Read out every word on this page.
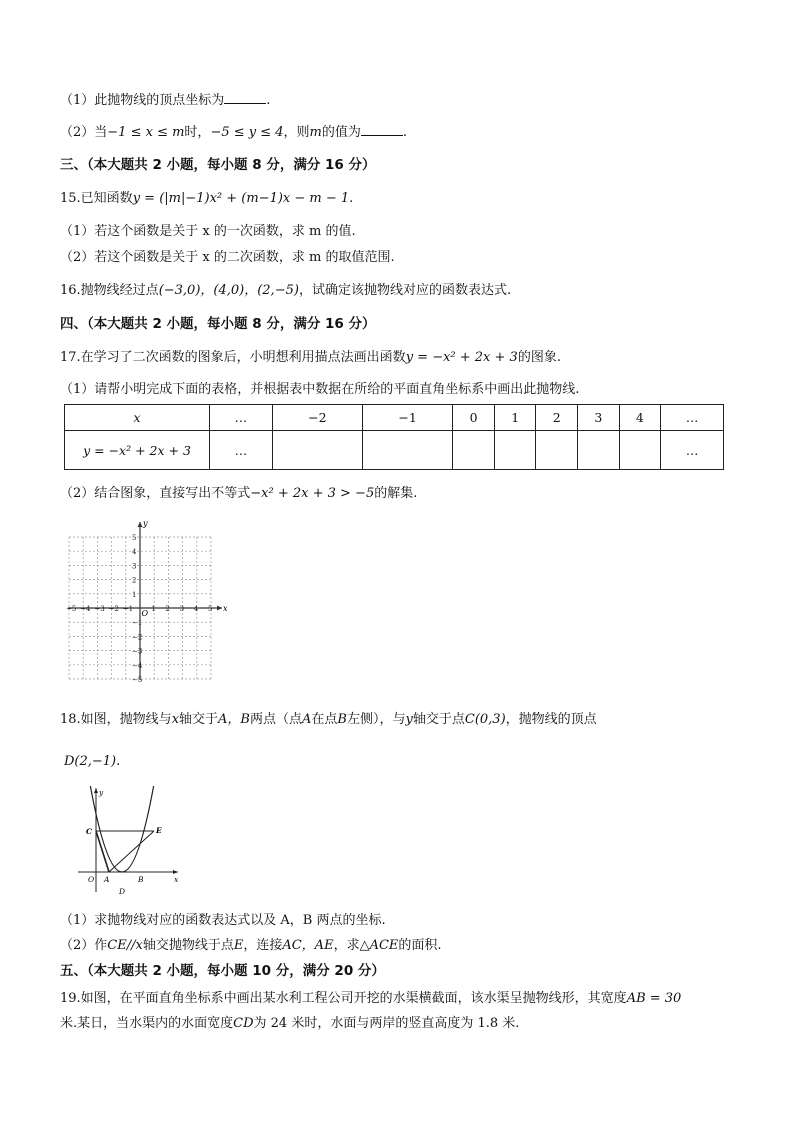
（1）此抛物线的顶点坐标为	.
（2）当−1 ≤ x ≤ m时，−5 ≤ y ≤ 4，则m的值为	.
三、（本大题共 2 小题，每小题 8 分，满分 16 分）
15.已知函数y = (|m|−1)x² + (m−1)x − m − 1.
（1）若这个函数是关于 x 的一次函数，求 m 的值.
（2）若这个函数是关于 x 的二次函数，求 m 的取值范围.
16.抛物线经过点(−3,0)，(4,0)，(2,−5)，试确定该抛物线对应的函数表达式.
四、（本大题共 2 小题，每小题 8 分，满分 16 分）
17.在学习了二次函数的图象后，小明想利用描点法画出函数y = −x² + 2x + 3的图象.
（1）请帮小明完成下面的表格，并根据表中数据在所给的平面直角坐标系中画出此抛物线.
x	…	−2	−1	0	1	2	3	4	…
y = −x² + 2x + 3	…								…
（2）结合图象，直接写出不等式−x² + 2x + 3 > −5的解集.
x
y
O
−5 −4 −3 −2 −1	1 2 3 4 5
5
4
3
2
1
−1
−2
−3
−4
−5
18.如图，抛物线与x轴交于A，B两点（点A在点B左侧），与y轴交于点C(0,3)，抛物线的顶点
D(2,−1).
C	E
O A
D
B	x
y
（1）求抛物线对应的函数表达式以及 A，B 两点的坐标.
（2）作CE//x轴交抛物线于点E，连接AC，AE，求△ACE的面积.
五、（本大题共 2 小题，每小题 10 分，满分 20 分）
19.如图，在平面直角坐标系中画出某水利工程公司开挖的水渠横截面，该水渠呈抛物线形，其宽度AB = 30
米.某日，当水渠内的水面宽度CD为 24 米时，水面与两岸的竖直高度为 1.8 米.
